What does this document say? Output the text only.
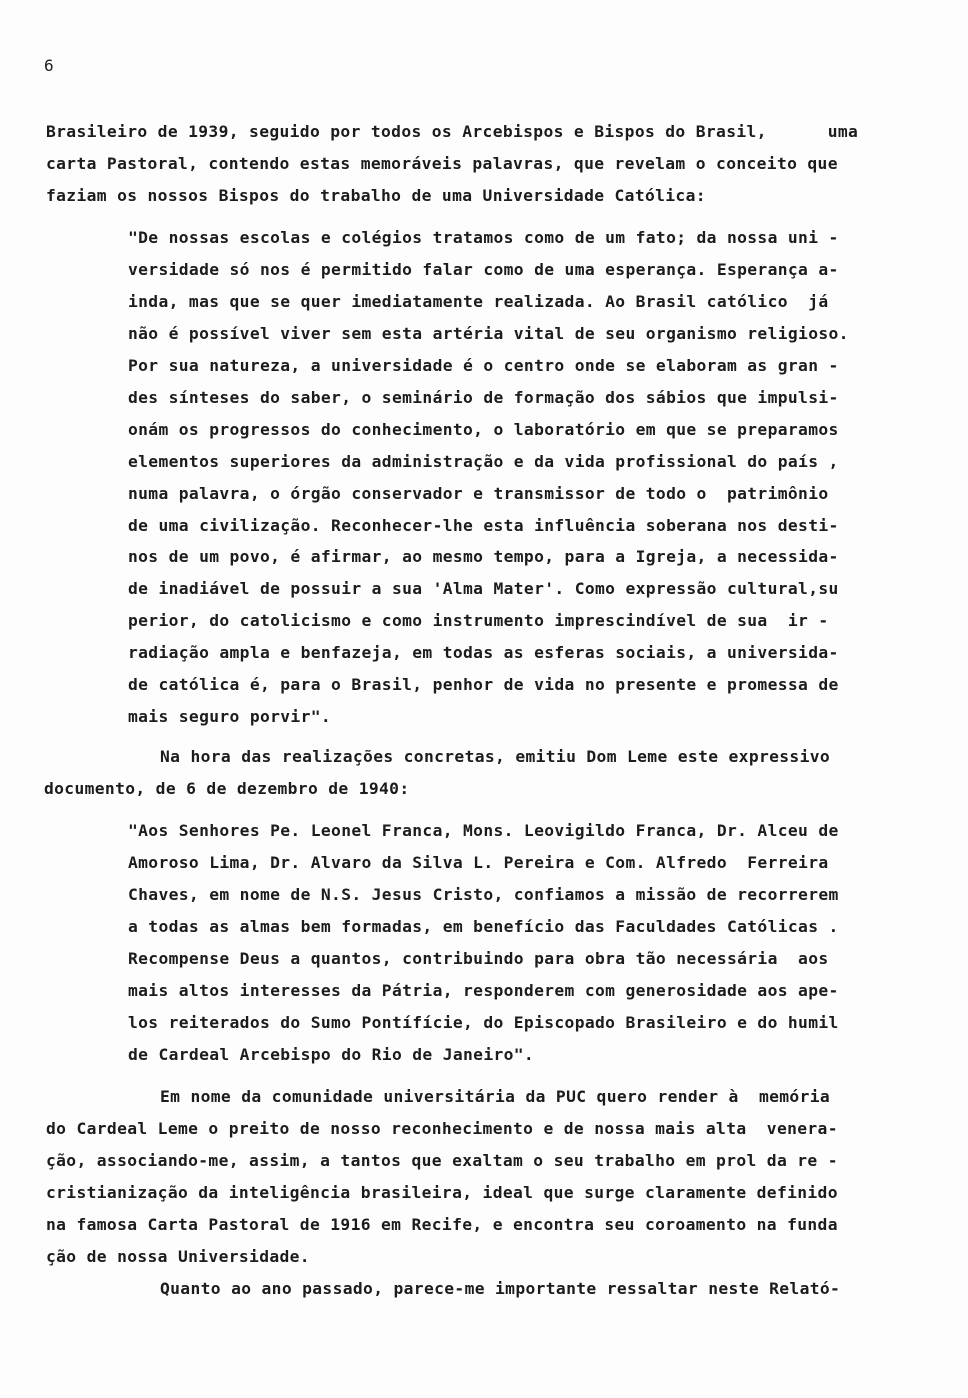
6
Brasileiro de 1939, seguido por todos os Arcebispos e Bispos do Brasil,      uma
carta Pastoral, contendo estas memoráveis palavras, que revelam o conceito que
faziam os nossos Bispos do trabalho de uma Universidade Católica:
"De nossas escolas e colégios tratamos como de um fato; da nossa uni -
versidade só nos é permitido falar como de uma esperança. Esperança a-
inda, mas que se quer imediatamente realizada. Ao Brasil católico  já
não é possível viver sem esta artéria vital de seu organismo religioso.
Por sua natureza, a universidade é o centro onde se elaboram as gran -
des sínteses do saber, o seminário de formação dos sábios que impulsi-
onám os progressos do conhecimento, o laboratório em que se preparamos
elementos superiores da administração e da vida profissional do país ,
numa palavra, o órgão conservador e transmissor de todo o  patrimônio
de uma civilização. Reconhecer-lhe esta influência soberana nos desti-
nos de um povo, é afirmar, ao mesmo tempo, para a Igreja, a necessida-
de inadiável de possuir a sua 'Alma Mater'. Como expressão cultural,su
perior, do catolicismo e como instrumento imprescindível de sua  ir -
radiação ampla e benfazeja, em todas as esferas sociais, a universida-
de católica é, para o Brasil, penhor de vida no presente e promessa de
mais seguro porvir".
Na hora das realizações concretas, emitiu Dom Leme este expressivo
documento, de 6 de dezembro de 1940:
"Aos Senhores Pe. Leonel Franca, Mons. Leovigildo Franca, Dr. Alceu de
Amoroso Lima, Dr. Alvaro da Silva L. Pereira e Com. Alfredo  Ferreira
Chaves, em nome de N.S. Jesus Cristo, confiamos a missão de recorrerem
a todas as almas bem formadas, em benefício das Faculdades Católicas .
Recompense Deus a quantos, contribuindo para obra tão necessária  aos
mais altos interesses da Pátria, responderem com generosidade aos ape-
los reiterados do Sumo Pontífície, do Episcopado Brasileiro e do humil
de Cardeal Arcebispo do Rio de Janeiro".
Em nome da comunidade universitária da PUC quero render à  memória
do Cardeal Leme o preito de nosso reconhecimento e de nossa mais alta  venera-
ção, associando-me, assim, a tantos que exaltam o seu trabalho em prol da re -
cristianização da inteligência brasileira, ideal que surge claramente definido
na famosa Carta Pastoral de 1916 em Recife, e encontra seu coroamento na funda
ção de nossa Universidade.
Quanto ao ano passado, parece-me importante ressaltar neste Relató-
